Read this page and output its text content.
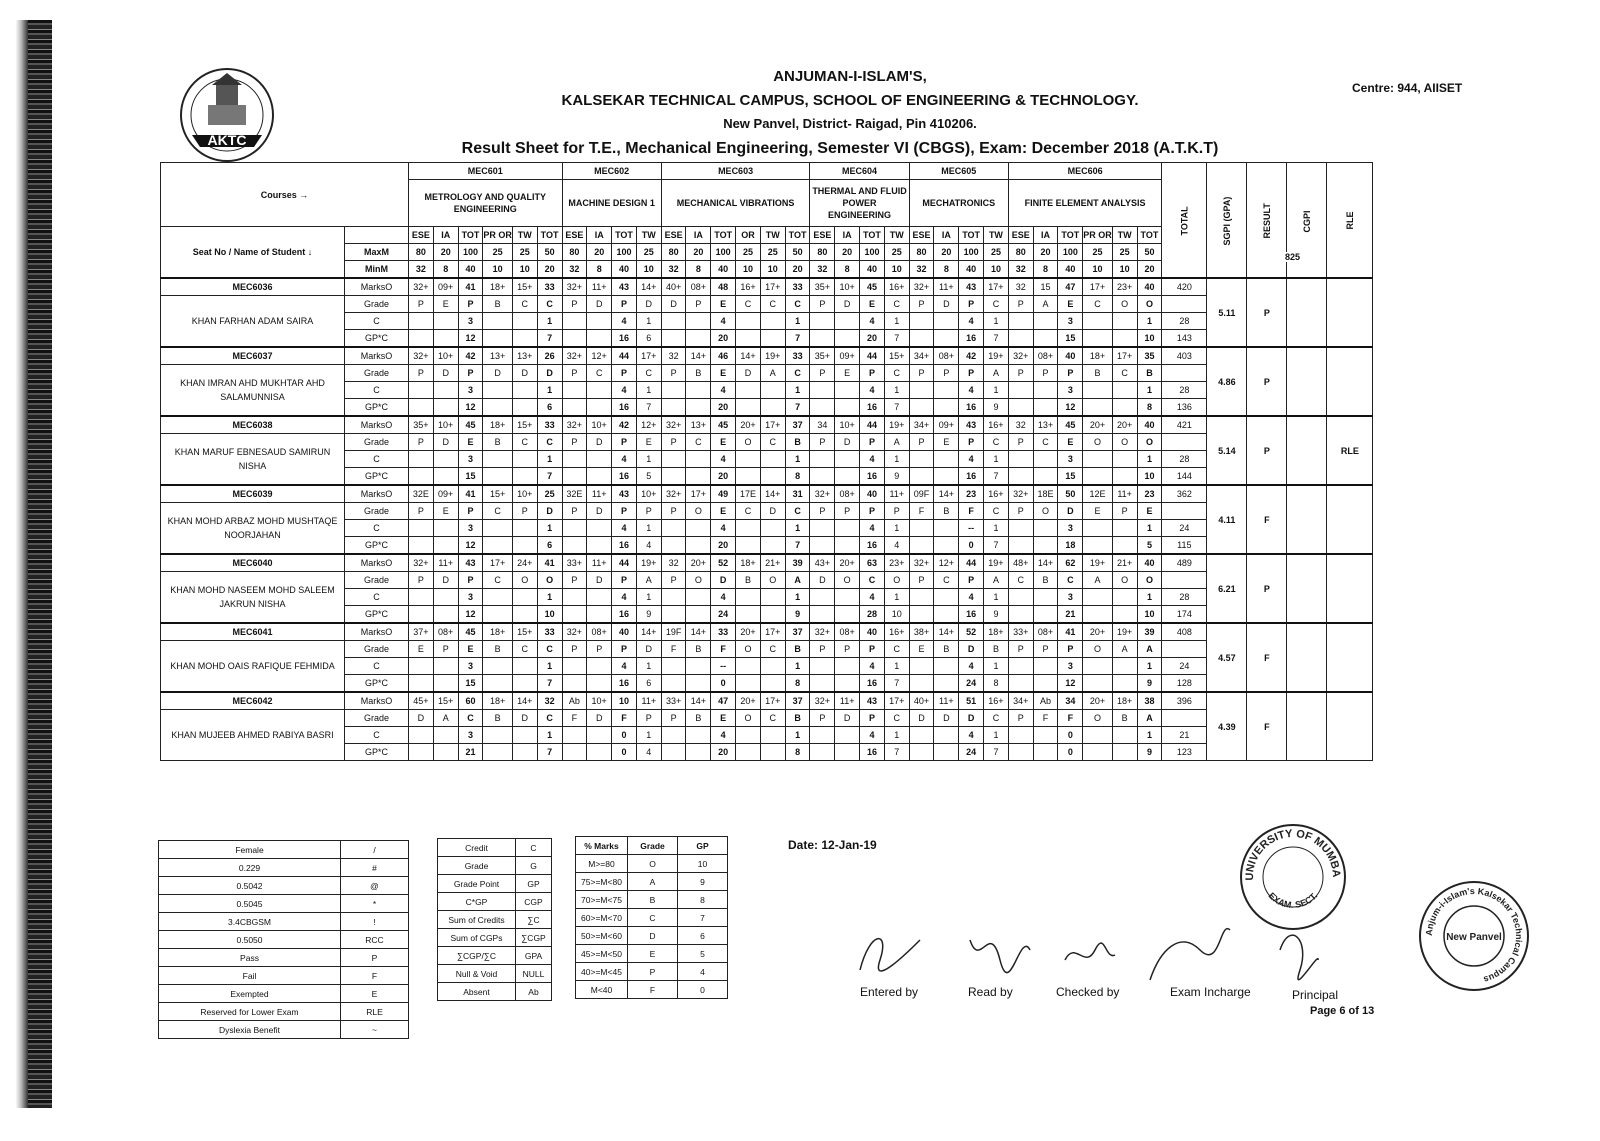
AKTC
ANJUMAN-I-ISLAM'S,
KALSEKAR TECHNICAL CAMPUS, SCHOOL OF ENGINEERING & TECHNOLOGY.
New Panvel, District- Raigad, Pin 410206.
Result Sheet for T.E., Mechanical Engineering, Semester VI (CBGS), Exam: December 2018 (A.T.K.T)
Centre: 944, AIISET
Courses →		MEC601						MEC602				MEC603						MEC604				MEC605				MEC606						TOTAL	SGPI (GPA)	RESULT	CGPI	RLE
		METROLOGY AND QUALITY ENGINEERING						MACHINE DESIGN 1				MECHANICAL VIBRATIONS						THERMAL AND FLUID POWER ENGINEERING				MECHATRONICS				FINITE ELEMENT ANALYSIS										
Seat No / Name of Student ↓		ESE	IA	TOT	PR OR	TW	TOT	ESE	IA	TOT	TW	ESE	IA	TOT	OR	TW	TOT	ESE	IA	TOT	TW	ESE	IA	TOT	TW	ESE	IA	TOT	PR OR	TW	TOT					
	MaxM	80	20	100	25	25	50	80	20	100	25	80	20	100	25	25	50	80	20	100	25	80	20	100	25	80	20	100	25	25	50					
	MinM	32	8	40	10	10	20	32	8	40	10	32	8	40	10	10	20	32	8	40	10	32	8	40	10	32	8	40	10	10	20					
MEC6036	MarksO	32+	09+	41	18+	15+	33	32+	11+	43	14+	40+	08+	48	16+	17+	33	35+	10+	45	16+	32+	11+	43	17+	32	15	47	17+	23+	40	420	5.11	P		
KHAN FARHAN ADAM SAIRA	Grade	P	E	P	B	C	C	P	D	P	D	D	P	E	C	C	C	P	D	E	C	P	D	P	C	P	A	E	C	O	O					
	C			3			1			4	1			4			1			4	1			4	1			3			1	28				
	GP*C			12			7			16	6			20			7			20	7			16	7			15			10	143				
MEC6037	MarksO	32+	10+	42	13+	13+	26	32+	12+	44	17+	32	14+	46	14+	19+	33	35+	09+	44	15+	34+	08+	42	19+	32+	08+	40	18+	17+	35	403	4.86	P		
KHAN IMRAN AHD MUKHTAR AHD SALAMUNNISA	Grade	P	D	P	D	D	D	P	C	P	C	P	B	E	D	A	C	P	E	P	C	P	P	P	A	P	P	P	B	C	B					
	C			3			1			4	1			4			1			4	1			4	1			3			1	28				
	GP*C			12			6			16	7			20			7			16	7			16	9			12			8	136				
MEC6038	MarksO	35+	10+	45	18+	15+	33	32+	10+	42	12+	32+	13+	45	20+	17+	37	34	10+	44	19+	34+	09+	43	16+	32	13+	45	20+	20+	40	421	5.14	P		RLE
KHAN MARUF EBNESAUD SAMIRUN NISHA	Grade	P	D	E	B	C	C	P	D	P	E	P	C	E	O	C	B	P	D	P	A	P	E	P	C	P	C	E	O	O	O					
	C			3			1			4	1			4			1			4	1			4	1			3			1	28				
	GP*C			15			7			16	5			20			8			16	9			16	7			15			10	144				
MEC6039	MarksO	32E	09+	41	15+	10+	25	32E	11+	43	10+	32+	17+	49	17E	14+	31	32+	08+	40	11+	09F	14+	23	16+	32+	18E	50	12E	11+	23	362	4.11	F		
KHAN MOHD ARBAZ MOHD MUSHTAQE NOORJAHAN	Grade	P	E	P	C	P	D	P	D	P	P	P	O	E	C	D	C	P	P	P	P	F	B	F	C	P	O	D	E	P	E					
	C			3			1			4	1			4			1			4	1			--	1			3			1	24				
	GP*C			12			6			16	4			20			7			16	4			0	7			18			5	115				
MEC6040	MarksO	32+	11+	43	17+	24+	41	33+	11+	44	19+	32	20+	52	18+	21+	39	43+	20+	63	23+	32+	12+	44	19+	48+	14+	62	19+	21+	40	489	6.21	P		
KHAN MOHD NASEEM MOHD SALEEM JAKRUN NISHA	Grade	P	D	P	C	O	O	P	D	P	A	P	O	D	B	O	A	D	O	C	O	P	C	P	A	C	B	C	A	O	O					
	C			3			1			4	1			4			1			4	1			4	1			3			1	28				
	GP*C			12			10			16	9			24			9			28	10			16	9			21			10	174				
MEC6041	MarksO	37+	08+	45	18+	15+	33	32+	08+	40	14+	19F	14+	33	20+	17+	37	32+	08+	40	16+	38+	14+	52	18+	33+	08+	41	20+	19+	39	408	4.57	F		
KHAN MOHD OAIS RAFIQUE FEHMIDA	Grade	E	P	E	B	C	C	P	P	P	D	F	B	F	O	C	B	P	P	P	C	E	B	D	B	P	P	P	O	A	A					
	C			3			1			4	1			--			1			4	1			4	1			3			1	24				
	GP*C			15			7			16	6			0			8			16	7			24	8			12			9	128				
MEC6042	MarksO	45+	15+	60	18+	14+	32	Ab	10+	10	11+	33+	14+	47	20+	17+	37	32+	11+	43	17+	40+	11+	51	16+	34+	Ab	34	20+	18+	38	396	4.39	F		
KHAN MUJEEB AHMED RABIYA BASRI	Grade	D	A	C	B	D	C	F	D	F	P	P	B	E	O	C	B	P	D	P	C	D	D	D	C	P	F	F	O	B	A					
	C			3			1			0	1			4			1			4	1			4	1			0			1	21				
	GP*C			21			7			0	4			20			8			16	7			24	7			0			9	123				
Female	/
0.229	#
0.5042	@
0.5045	*
3.4CBGSM	!
0.5050	RCC
Pass	P
Fail	F
Exempted	E
Reserved for Lower Exam	RLE
Dyslexia Benefit	~
Credit	C
Grade	G
Grade Point	GP
C*GP	CGP
Sum of Credits	∑C
Sum of CGPs	∑CGP
∑CGP/∑C	GPA
Null & Void	NULL
Absent	Ab
% Marks	Grade	GP
M>=80	O	10
75>=M<80	A	9
70>=M<75	B	8
60>=M<70	C	7
50>=M<60	D	6
45>=M<50	E	5
40>=M<45	P	4
M<40	F	0
Date: 12-Jan-19
Entered by	Read by	Checked by	Exam Incharge	Principal
Page 6 of 13
UNIVERSITY OF MUMBA
EXAM. SECT.
Anjum-i-Islam's Kalsekar Technical Campus
New Panvel
825
